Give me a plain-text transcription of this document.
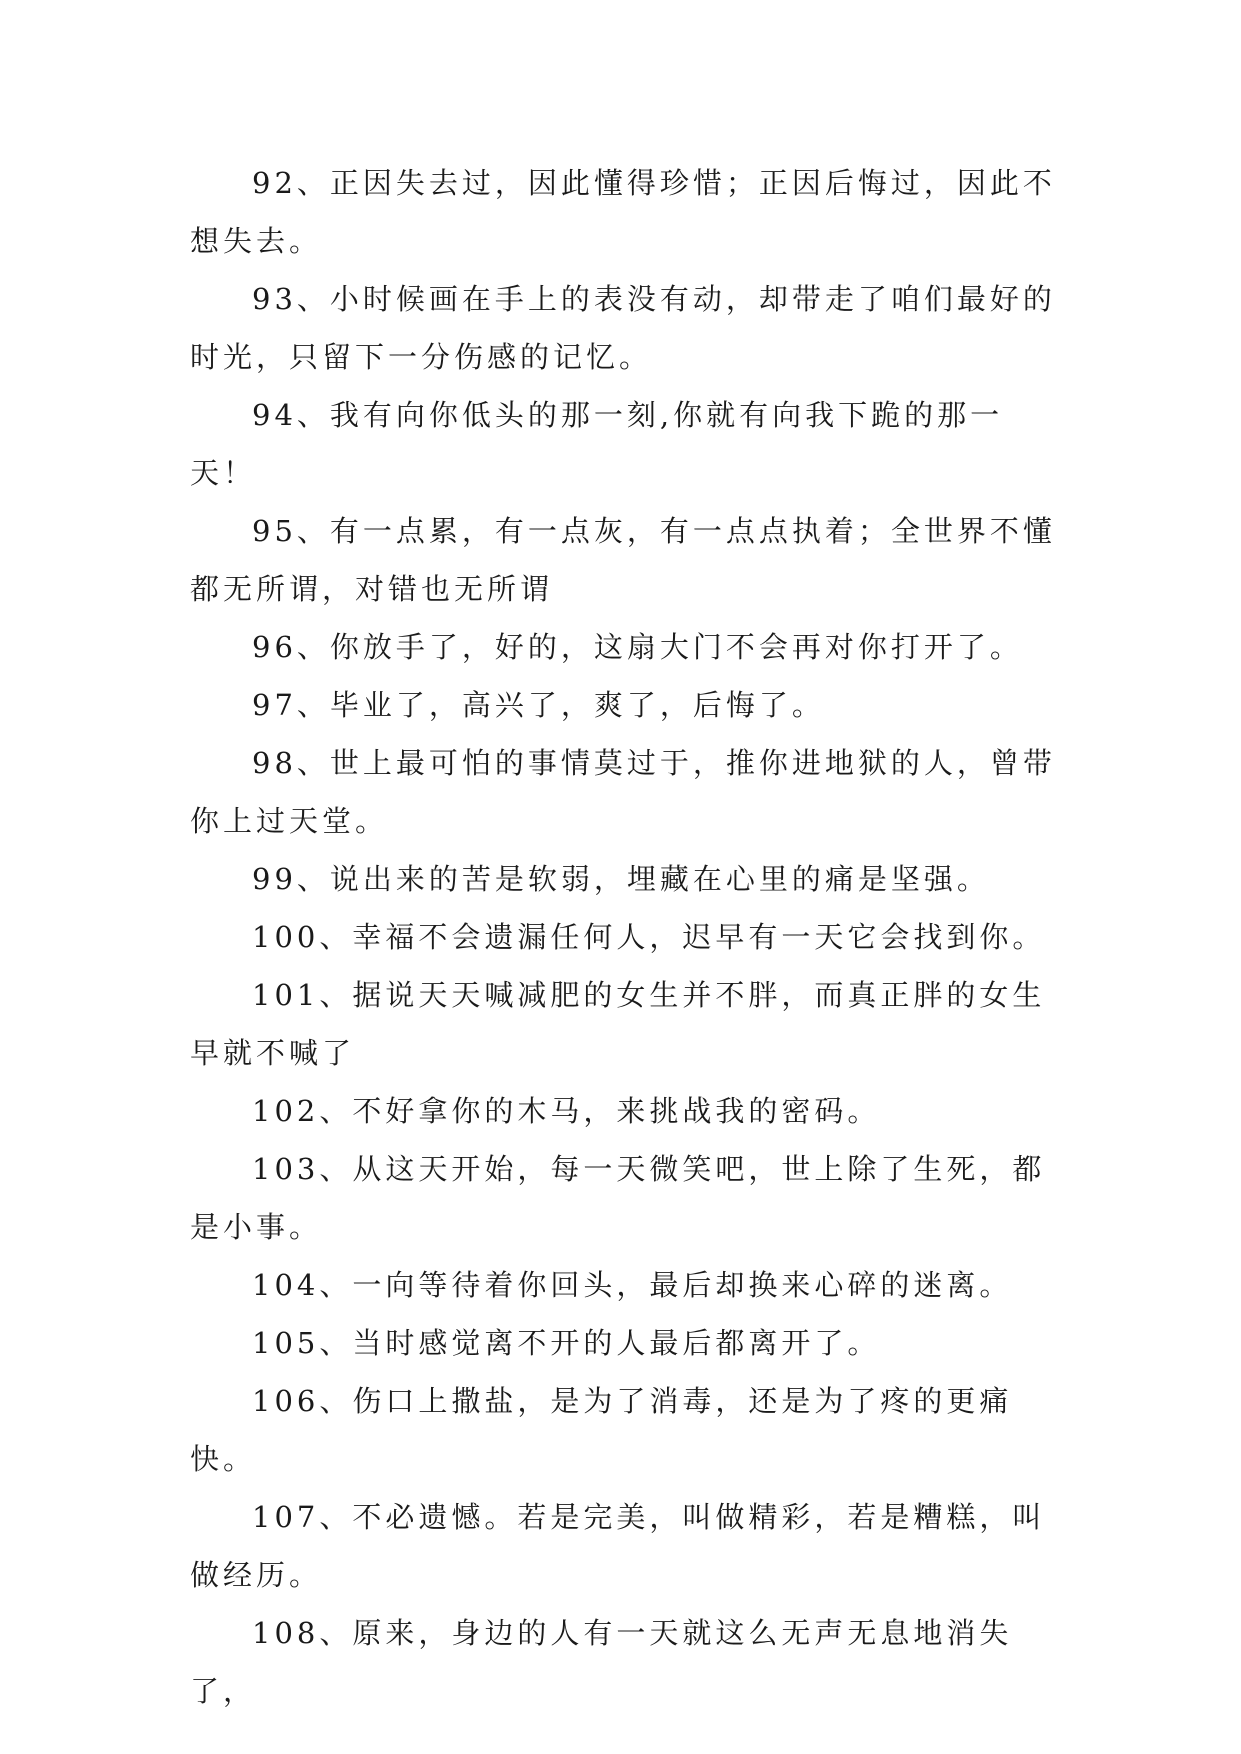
92、正因失去过，因此懂得珍惜；正因后悔过，因此不想失去。

93、小时候画在手上的表没有动，却带走了咱们最好的时光，只留下一分伤感的记忆。

94、我有向你低头的那一刻,你就有向我下跪的那一天！

95、有一点累，有一点灰，有一点点执着；全世界不懂都无所谓，对错也无所谓

96、你放手了，好的，这扇大门不会再对你打开了。

97、毕业了，高兴了，爽了，后悔了。

98、世上最可怕的事情莫过于，推你进地狱的人，曾带你上过天堂。

99、说出来的苦是软弱，埋藏在心里的痛是坚强。

100、幸福不会遗漏任何人，迟早有一天它会找到你。

101、据说天天喊减肥的女生并不胖，而真正胖的女生早就不喊了

102、不好拿你的木马，来挑战我的密码。

103、从这天开始，每一天微笑吧，世上除了生死，都是小事。

104、一向等待着你回头，最后却换来心碎的迷离。

105、当时感觉离不开的人最后都离开了。

106、伤口上撒盐，是为了消毒，还是为了疼的更痛快。

107、不必遗憾。若是完美，叫做精彩，若是糟糕，叫做经历。

108、原来，身边的人有一天就这么无声无息地消失了，
